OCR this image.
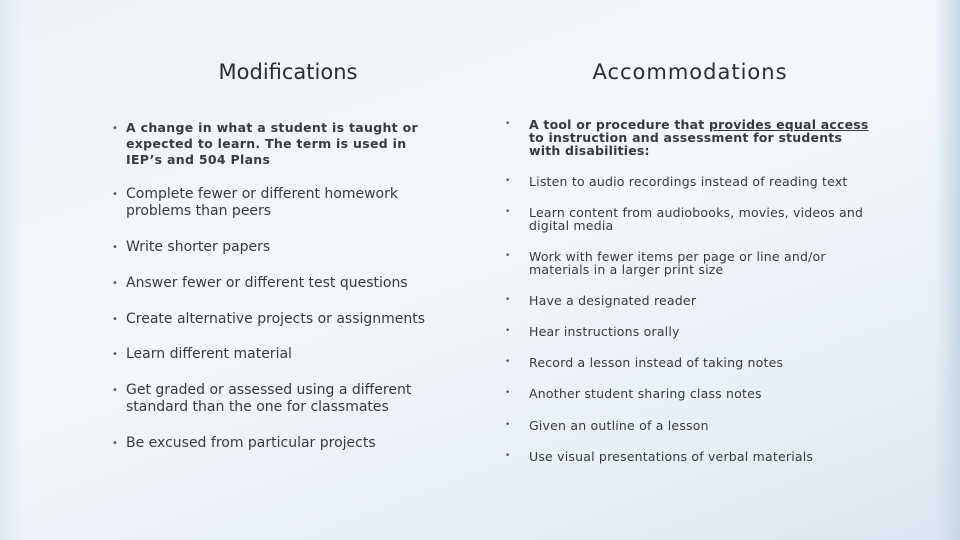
Modifications	Accommodations
• A change in what a student is taught or expected to learn. The term is used in IEP’s and 504 Plans
• Complete fewer or different homework problems than peers
• Write shorter papers
• Answer fewer or different test questions
• Create alternative projects or assignments
• Learn different material
• Get graded or assessed using a different standard than the one for classmates
• Be excused from particular projects
• A tool or procedure that provides equal access to instruction and assessment for students with disabilities:
• Listen to audio recordings instead of reading text
• Learn content from audiobooks, movies, videos and digital media
• Work with fewer items per page or line and/or materials in a larger print size
• Have a designated reader
• Hear instructions orally
• Record a lesson instead of taking notes
• Another student sharing class notes
• Given an outline of a lesson
• Use visual presentations of verbal materials
